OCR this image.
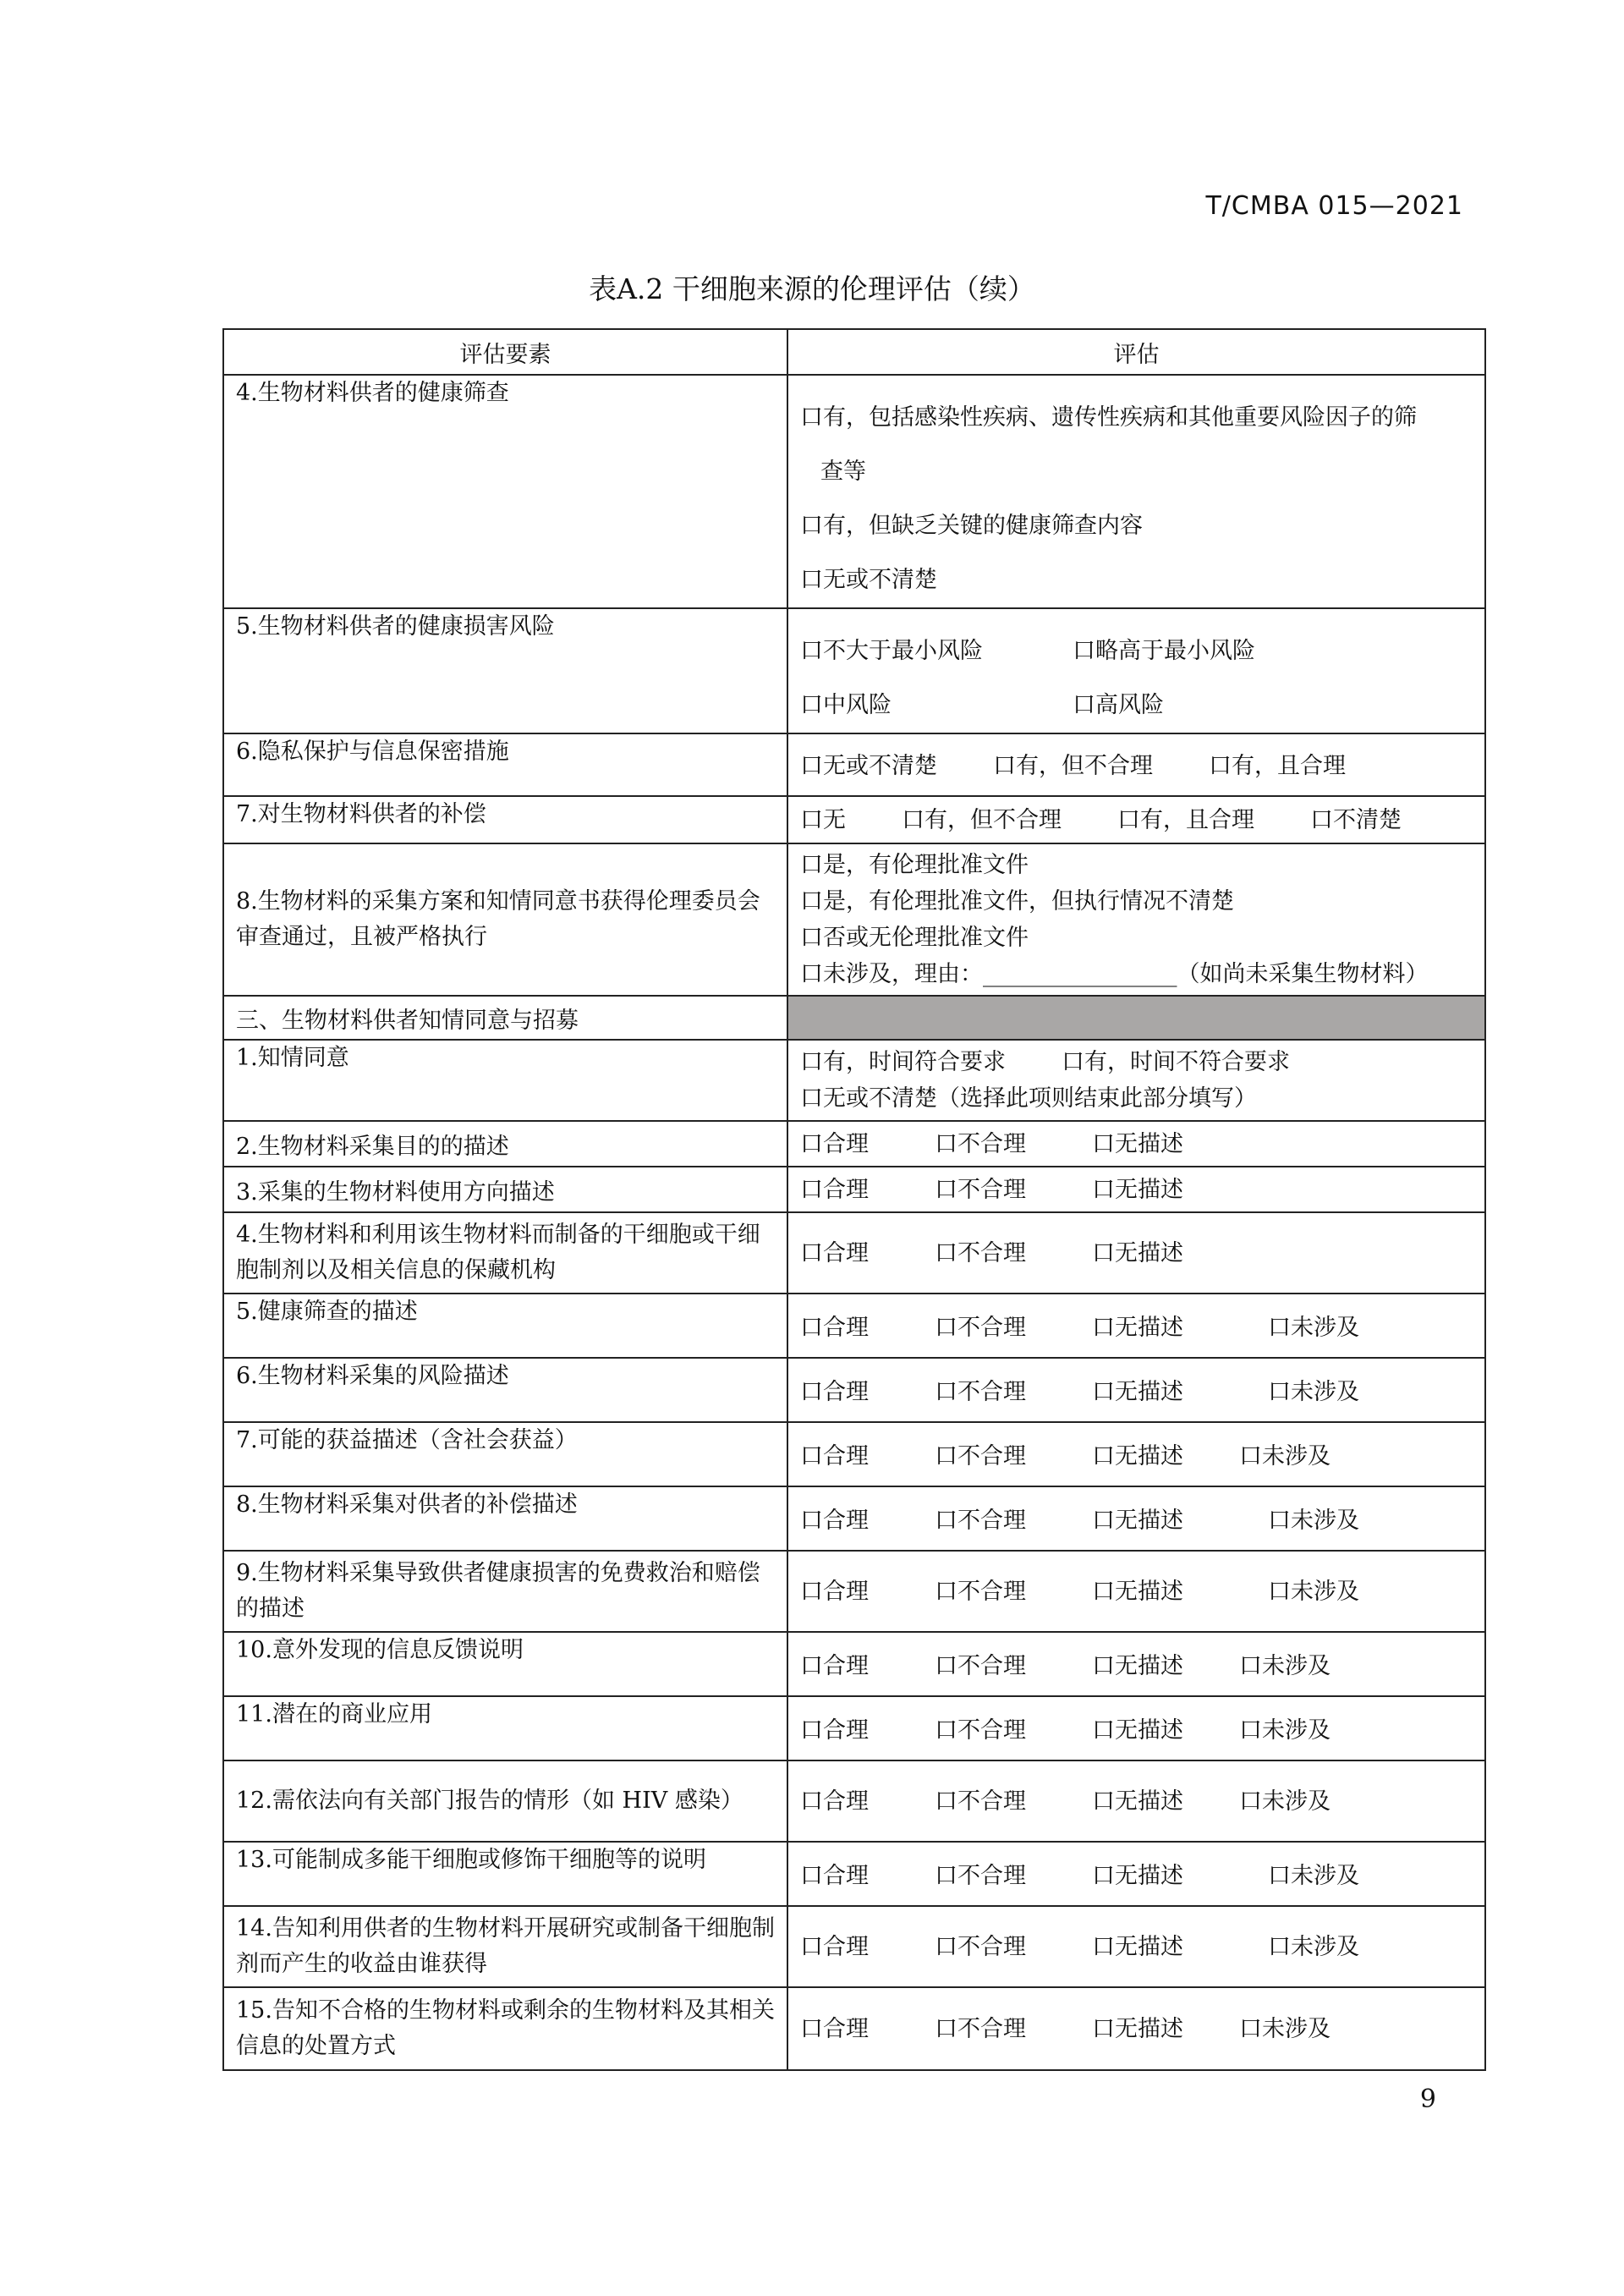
T/CMBA 015—2021
表A.2 干细胞来源的伦理评估（续）
评估要素	评估
4.生物材料供者的健康筛查	口有，包括感染性疾病、遗传性疾病和其他重要风险因子的筛
查等
口有，但缺乏关键的健康筛查内容
口无或不清楚

5.生物材料供者的健康损害风险	口不大于最小风险 口略高于最小风险
口中风险 口高风险

6.隐私保护与信息保密措施	口无或不清楚 口有，但不合理 口有，且合理

7.对生物材料供者的补偿	口无 口有，但不合理 口有，且合理 口不清楚

8.生物材料的采集方案和知情同意书获得伦理委员会审查通过，且被严格执行	口是，有伦理批准文件
口是，有伦理批准文件，但执行情况不清楚
口否或无伦理批准文件
口未涉及，理由：_________________（如尚未采集生物材料）

三、生物材料供者知情同意与招募	
1.知情同意	口有，时间符合要求 口有，时间不符合要求
口无或不清楚（选择此项则结束此部分填写）

2.生物材料采集目的的描述	口合理 口不合理 口无描述

3.采集的生物材料使用方向描述	口合理 口不合理 口无描述

4.生物材料和利用该生物材料而制备的干细胞或干细胞制剂以及相关信息的保藏机构	口合理 口不合理 口无描述

5.健康筛查的描述	口合理 口不合理 口无描述 口未涉及

6.生物材料采集的风险描述	口合理 口不合理 口无描述 口未涉及

7.可能的获益描述（含社会获益）	口合理 口不合理 口无描述 口未涉及

8.生物材料采集对供者的补偿描述	口合理 口不合理 口无描述 口未涉及

9.生物材料采集导致供者健康损害的免费救治和赔偿的描述	口合理 口不合理 口无描述 口未涉及

10.意外发现的信息反馈说明	口合理 口不合理 口无描述 口未涉及

11.潜在的商业应用	口合理 口不合理 口无描述 口未涉及

12.需依法向有关部门报告的情形（如 HIV 感染）	口合理 口不合理 口无描述 口未涉及

13.可能制成多能干细胞或修饰干细胞等的说明	口合理 口不合理 口无描述 口未涉及

14.告知利用供者的生物材料开展研究或制备干细胞制剂而产生的收益由谁获得	口合理 口不合理 口无描述 口未涉及

15.告知不合格的生物材料或剩余的生物材料及其相关信息的处置方式	口合理 口不合理 口无描述 口未涉及
9
